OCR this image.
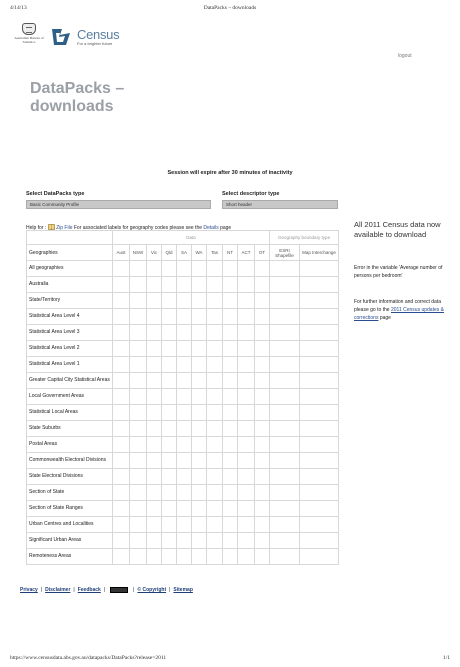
4/14/13	DataPacks – downloads
Australian Bureau of Statistics	Census
For a brighter future
logout
DataPacks –
downloads
Session will expire after 30 minutes of inactivity
Select DataPacks type
Basic Community Profile
Select descriptor type
Short header
Help for : Zip File For associated labels for geography codes please see the Details page
	Data										Geography boundary type	
Geographies	Aust	NSW	Vic	Qld	SA	WA	Tas	NT	ACT	OT	ESRI Shapefile	Map Interchange
All geographies												
Australia												
State/Territory												
Statistical Area Level 4												
Statistical Area Level 3												
Statistical Area Level 2												
Statistical Area Level 1												
Greater Capital City Statistical Areas												
Local Government Areas												
Statistical Local Areas												
State Suburbs												
Postal Areas												
Commonwealth Electoral Divisions												
State Electoral Divisions												
Section of State												
Section of State Ranges												
Urban Centres and Localities												
Significant Urban Areas												
Remoteness Areas												
All 2011 Census data now available to download
Error in the variable 'Average number of persons per bedroom'
For further information and correct data please go to the 2011 Census updates & corrections page
Privacy | Disclaimer | Feedback |	| © Copyright | Sitemap
https://www.censusdata.abs.gov.au/datapacks/DataPacks?release=2011	1/1
